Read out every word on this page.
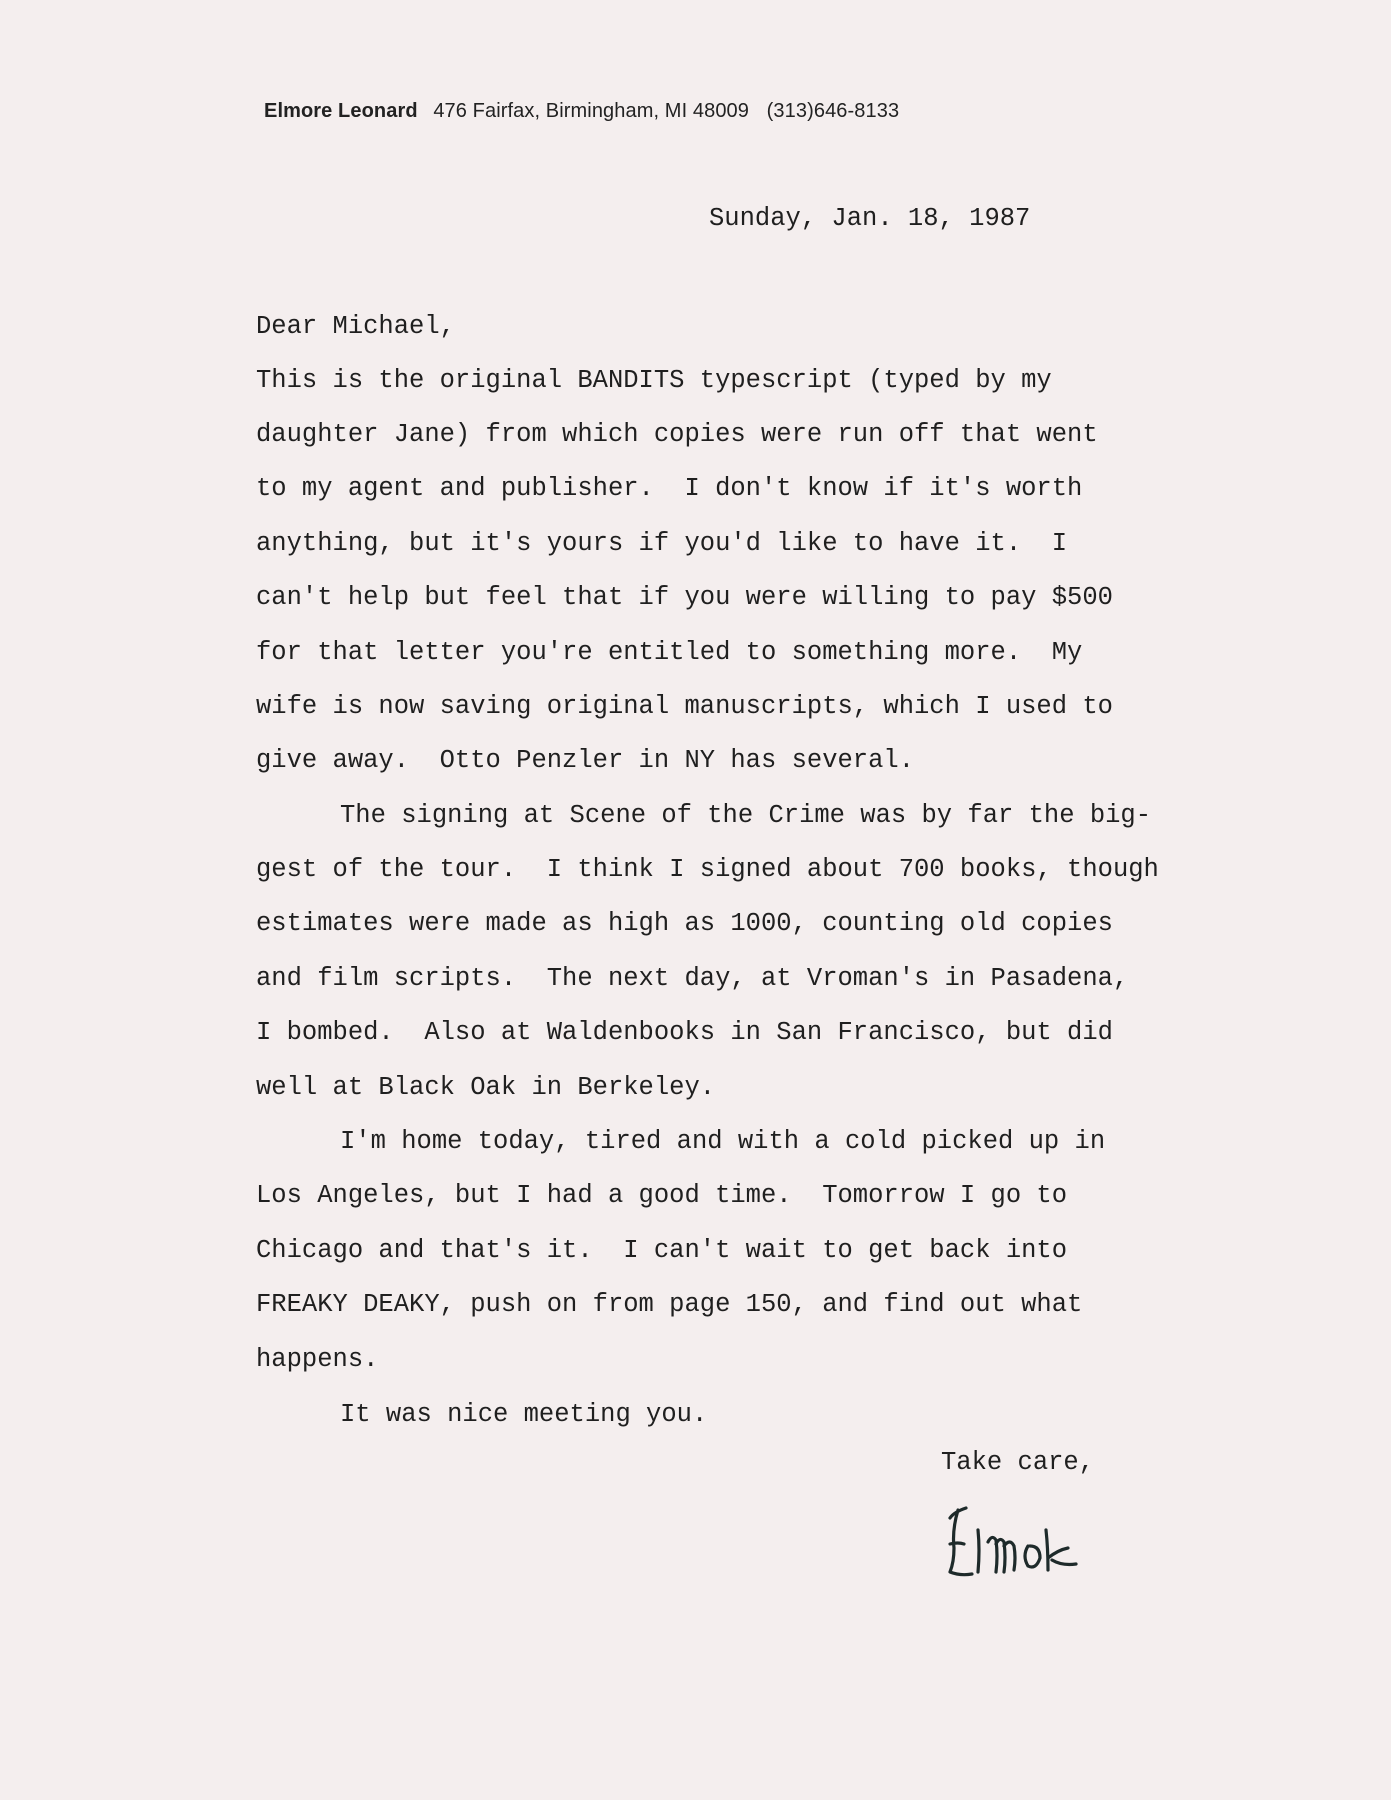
Elmore Leonard 476 Fairfax, Birmingham, MI 48009 (313)646-8133
Sunday, Jan. 18, 1987
Dear Michael,
This is the original BANDITS typescript (typed by my
daughter Jane) from which copies were run off that went
to my agent and publisher.  I don't know if it's worth
anything, but it's yours if you'd like to have it.  I
can't help but feel that if you were willing to pay $500
for that letter you're entitled to something more.  My
wife is now saving original manuscripts, which I used to
give away.  Otto Penzler in NY has several.
The signing at Scene of the Crime was by far the big-
gest of the tour.  I think I signed about 700 books, though
estimates were made as high as 1000, counting old copies
and film scripts.  The next day, at Vroman's in Pasadena,
I bombed.  Also at Waldenbooks in San Francisco, but did
well at Black Oak in Berkeley.
I'm home today, tired and with a cold picked up in
Los Angeles, but I had a good time.  Tomorrow I go to
Chicago and that's it.  I can't wait to get back into
FREAKY DEAKY, push on from page 150, and find out what
happens.
It was nice meeting you.
Take care,
